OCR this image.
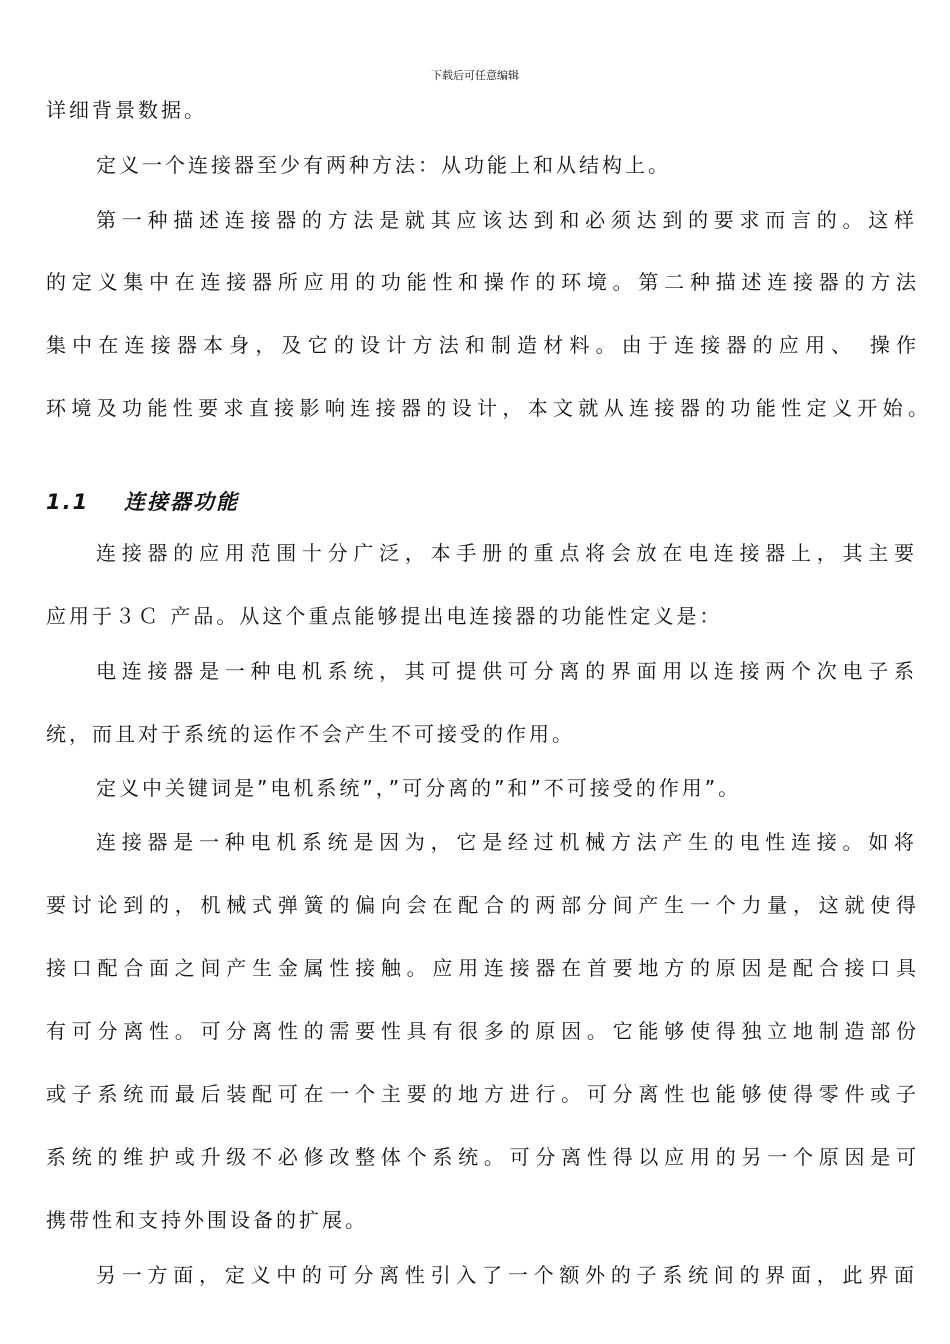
下载后可任意编辑
详细背景数据。
定义一个连接器至少有两种方法：从功能上和从结构上。
第一种描述连接器的方法是就其应该达到和必须达到的要求而言的。这样
的定义集中在连接器所应用的功能性和操作的环境。第二种描述连接器的方法
集中在连接器本身，及它的设计方法和制造材料。由于连接器的应用、 操作
环境及功能性要求直接影响连接器的设计，本文就从连接器的功能性定义开始。
1.1 连接器功能
连接器的应用范围十分广泛，本手册的重点将会放在电连接器上，其主要
应用于３Ｃ 产品。从这个重点能够提出电连接器的功能性定义是：
电连接器是一种电机系统，其可提供可分离的界面用以连接两个次电子系
统，而且对于系统的运作不会产生不可接受的作用。
定义中关键词是”电机系统”，”可分离的”和”不可接受的作用”。
连接器是一种电机系统是因为，它是经过机械方法产生的电性连接。如将
要讨论到的，机械式弹簧的偏向会在配合的两部分间产生一个力量，这就使得
接口配合面之间产生金属性接触。应用连接器在首要地方的原因是配合接口具
有可分离性。可分离性的需要性具有很多的原因。它能够使得独立地制造部份
或子系统而最后装配可在一个主要的地方进行。可分离性也能够使得零件或子
系统的维护或升级不必修改整体个系统。可分离性得以应用的另一个原因是可
携带性和支持外围设备的扩展。
另一方面，定义中的可分离性引入了一个额外的子系统间的界面，此界面
